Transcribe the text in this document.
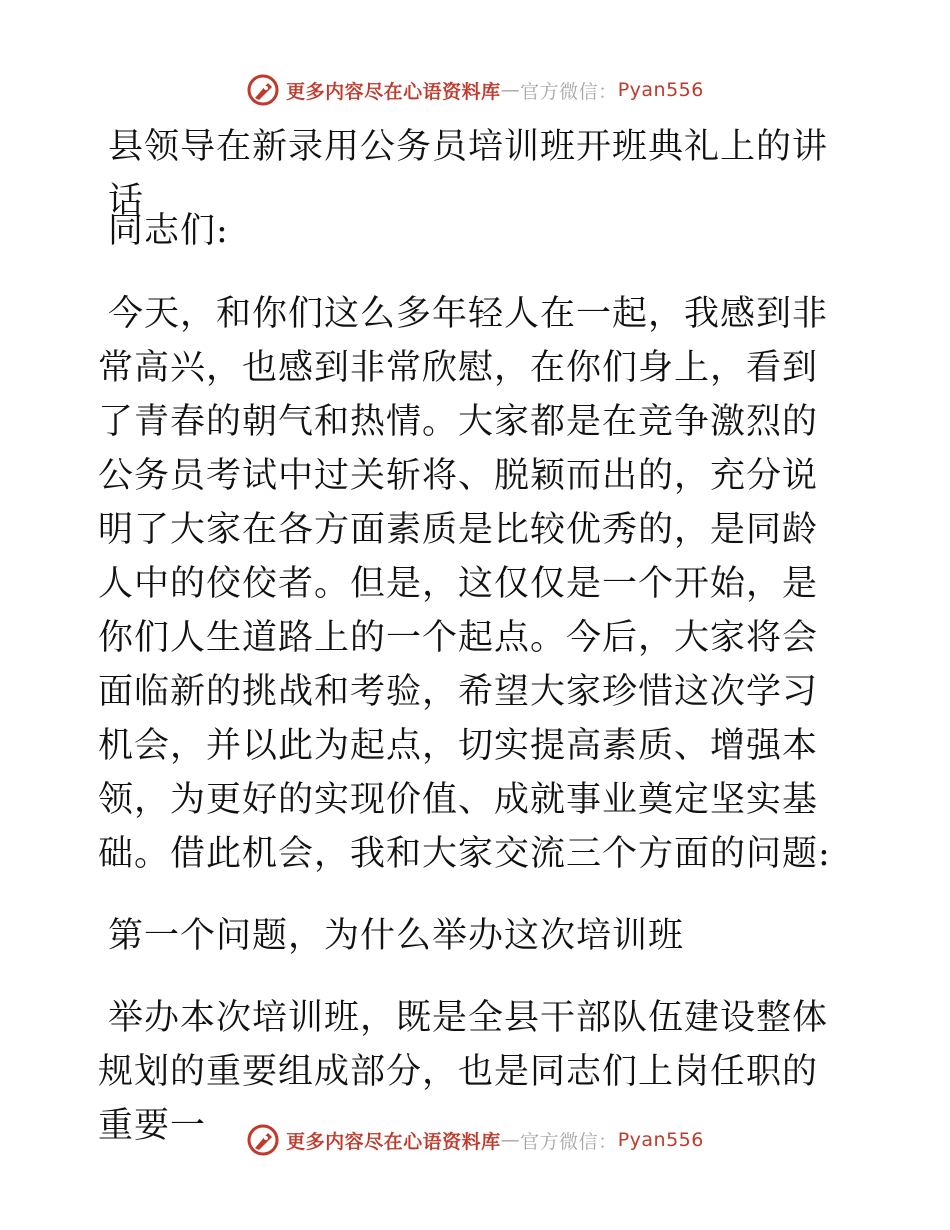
更多内容尽在心语资料库 — 官方微信： Pyan556

县领导在新录用公务员培训班开班典礼上的讲话

同志们:

今天，和你们这么多年轻人在一起，我感到非常高兴，也感到非常欣慰，在你们身上，看到了青春的朝气和热情。大家都是在竞争激烈的公务员考试中过关斩将、脱颖而出的，充分说明了大家在各方面素质是比较优秀的，是同龄人中的佼佼者。但是，这仅仅是一个开始，是你们人生道路上的一个起点。今后，大家将会面临新的挑战和考验，希望大家珍惜这次学习机会，并以此为起点，切实提高素质、增强本领，为更好的实现价值、成就事业奠定坚实基础。借此机会，我和大家交流三个方面的问题:

第一个问题，为什么举办这次培训班

举办本次培训班，既是全县干部队伍建设整体规划的重要组成部分，也是同志们上岗任职的重要一	更多内容尽在心语资料库 — 官方微信： Pyan556
